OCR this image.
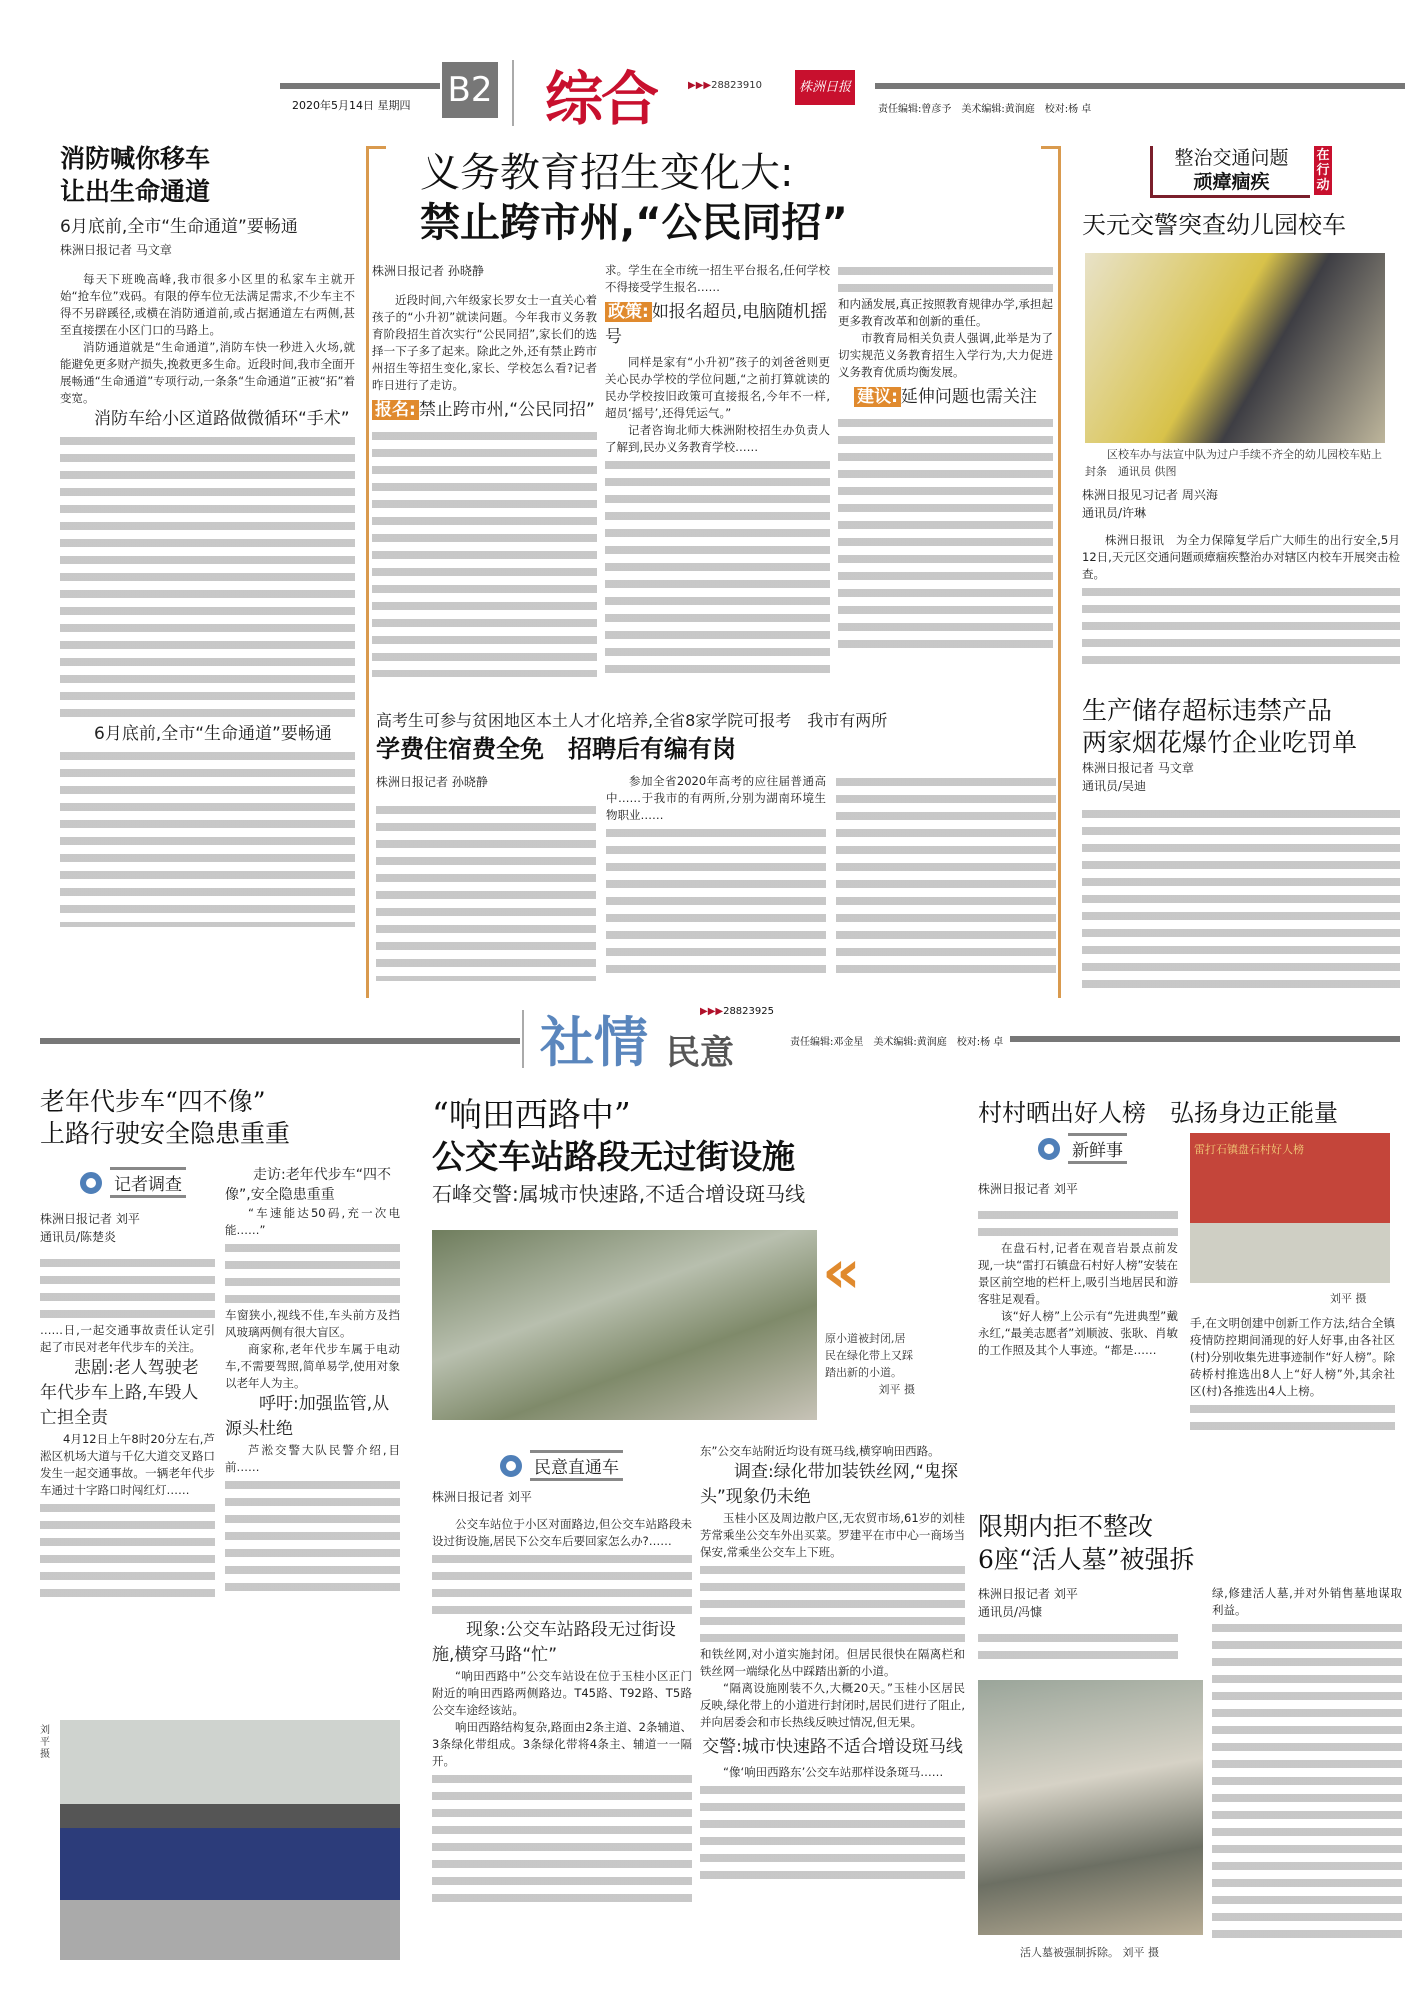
2020年5月14日 星期四 B2 综合	▶▶▶28823910	株洲日报
责任编辑:曾彦予　美术编辑:黄润庭　校对:杨 卓
消防喊你移车
让出生命通道
6月底前,全市“生命通道”要畅通
株洲日报记者 马文章

每天下班晚高峰,我市很多小区里的私家车主就开始“抢车位”戏码。有限的停车位无法满足需求,不少车主不得不另辟蹊径,或横在消防通道前,或占据通道左右两侧,甚至直接摆在小区门口的马路上。

消防通道就是“生命通道”,消防车快一秒进入火场,就能避免更多财产损失,挽救更多生命。近段时间,我市全面开展畅通“生命通道”专项行动,一条条“生命通道”正被“拓”着变宽。

消防车给小区道路做微循环“手术”
6月底前,全市“生命通道”要畅通
义务教育招生变化大:
禁止跨市州,“公民同招”
株洲日报记者 孙晓静

近段时间,六年级家长罗女士一直关心着孩子的“小升初”就读问题。今年我市义务教育阶段招生首次实行“公民同招”,家长们的选择一下子多了起来。除此之外,还有禁止跨市州招生等招生变化,家长、学校怎么看?记者昨日进行了走访。

报名: 禁止跨市州,“公民同招”

求。学生在全市统一招生平台报名,任何学校不得接受学生报名……

政策: 如报名超员,电脑随机摇号

同样是家有“小升初”孩子的刘爸爸则更关心民办学校的学位问题,“之前打算就读的民办学校按旧政策可直接报名,今年不一样,超员‘摇号’,还得凭运气。”

记者咨询北师大株洲附校招生办负责人了解到,民办义务教育学校……

和内涵发展,真正按照教育规律办学,承担起更多教育改革和创新的重任。

市教育局相关负责人强调,此举是为了切实规范义务教育招生入学行为,大力促进义务教育优质均衡发展。

建议: 延伸问题也需关注
高考生可参与贫困地区本土人才化培养,全省8家学院可报考　我市有两所
学费住宿费全免　招聘后有编有岗
株洲日报记者 孙晓静	参加全省2020年高考的应往届普通高中……于我市的有两所,分别为湖南环境生物职业……

整治交通问题
顽瘴痼疾
在行动
天元交警突查幼儿园校车
区校车办与法宣中队为过户手续不齐全的幼儿园校车贴上封条　 通讯员 供图
株洲日报见习记者 周兴海
通讯员/许琳

株洲日报讯　为全力保障复学后广大师生的出行安全,5月12日,天元区交通问题顽瘴痼疾整治办对辖区内校车开展突击检查。

生产储存超标违禁产品
两家烟花爆竹企业吃罚单
株洲日报记者 马文章
通讯员/吴迪
社情 民意
▶▶▶28823925
责任编辑:邓金星　美术编辑:黄润庭　校对:杨 卓
老年代步车“四不像”
上路行驶安全隐患重重
记者调查
株洲日报记者 刘平
通讯员/陈楚炎

……日,一起交通事故责任认定引起了市民对老年代步车的关注。

悲剧:老人驾驶老年代步车上路,车毁人亡担全责

4月12日上午8时20分左右,芦淞区机场大道与千亿大道交叉路口发生一起交通事故。一辆老年代步车通过十字路口时闯红灯……

走访:老年代步车“四不像”,安全隐患重重

“车速能达50码,充一次电能……”

车窗狭小,视线不佳,车头前方及挡风玻璃两侧有很大盲区。

商家称,老年代步车属于电动车,不需要驾照,简单易学,使用对象以老年人为主。

呼吁:加强监管,从源头杜绝

芦淞交警大队民警介绍,目前……

刘平 摄
“响田西路中”
公交车站路段无过街设施
石峰交警:属城市快速路,不适合增设斑马线
«
原小道被封闭,居民在绿化带上又踩踏出新的小道。
刘平 摄
民意直通车
株洲日报记者 刘平

公交车站位于小区对面路边,但公交车站路段未设过街设施,居民下公交车后要回家怎么办?……

现象:公交车站路段无过街设施,横穿马路“忙”

“响田西路中”公交车站设在位于玉桂小区正门附近的响田西路两侧路边。T45路、T92路、T5路公交车途经该站。

响田西路结构复杂,路面由2条主道、2条辅道、3条绿化带组成。3条绿化带将4条主、辅道一一隔开。

东”公交车站附近均设有斑马线,横穿响田西路。

调查:绿化带加装铁丝网,“鬼探头”现象仍未绝

玉桂小区及周边散户区,无农贸市场,61岁的刘桂芳常乘坐公交车外出买菜。罗建平在市中心一商场当保安,常乘坐公交车上下班。

和铁丝网,对小道实施封闭。但居民很快在隔离栏和铁丝网一端绿化丛中踩踏出新的小道。

“隔离设施刚装不久,大概20天。”玉桂小区居民反映,绿化带上的小道进行封闭时,居民们进行了阻止,并向居委会和市长热线反映过情况,但无果。

交警:城市快速路不适合增设斑马线

“像‘响田西路东’公交车站那样设条斑马……

村村晒出好人榜　弘扬身边正能量
新鲜事	雷打石镇盘石村好人榜
刘平 摄
株洲日报记者 刘平

在盘石村,记者在观音岩景点前发现,一块“雷打石镇盘石村好人榜”安装在景区前空地的栏杆上,吸引当地居民和游客驻足观看。

该“好人榜”上公示有“先进典型”戴永红,“最美志愿者”刘顺波、张耿、肖敏的工作照及其个人事迹。“都是……

手,在文明创建中创新工作方法,结合全镇疫情防控期间涌现的好人好事,由各社区(村)分别收集先进事迹制作“好人榜”。除砖桥村推选出8人上“好人榜”外,其余社区(村)各推选出4人上榜。

限期内拒不整改
6座“活人墓”被强拆
株洲日报记者 刘平
通讯员/冯慷
活人墓被强制拆除。 刘平 摄

绿,修建活人墓,并对外销售墓地谋取利益。
